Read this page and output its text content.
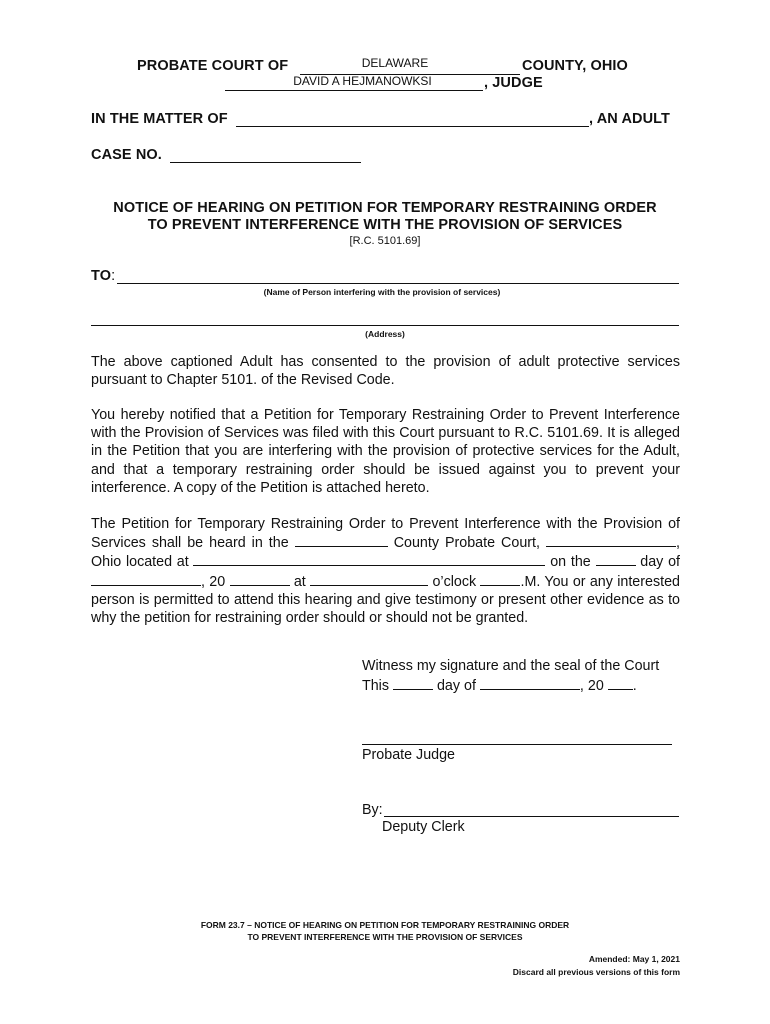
PROBATE COURT OF	DELAWARE	COUNTY, OHIO
DAVID A HEJMANOWKSI	, JUDGE
IN THE MATTER OF	, AN ADULT
CASE NO.
NOTICE OF HEARING ON PETITION FOR TEMPORARY RESTRAINING ORDER
TO PREVENT INTERFERENCE WITH THE PROVISION OF SERVICES
[R.C. 5101.69]
TO:
(Name of Person interfering with the provision of services)
(Address)

The above captioned Adult has consented to the provision of adult protective services pursuant to Chapter 5101. of the Revised Code.

You hereby notified that a Petition for Temporary Restraining Order to Prevent Interference with the Provision of Services was filed with this Court pursuant to R.C. 5101.69. It is alleged in the Petition that you are interfering with the provision of protective services for the Adult, and that a temporary restraining order should be issued against you to prevent your interference. A copy of the Petition is attached hereto.

The Petition for Temporary Restraining Order to Prevent Interference with the Provision of Services shall be heard in the	County Probate Court,	, Ohio located at	on the	day of , 20	at	o’clock	.M. You or any interested person is permitted to attend this hearing and give testimony or present other evidence as to why the petition for restraining order should or should not be granted.

Witness my signature and the seal of the Court
This	day of	, 20 .
Probate Judge
By:
Deputy Clerk
FORM 23.7 – NOTICE OF HEARING ON PETITION FOR TEMPORARY RESTRAINING ORDER
TO PREVENT INTERFERENCE WITH THE PROVISION OF SERVICES
Amended: May 1, 2021
Discard all previous versions of this form
